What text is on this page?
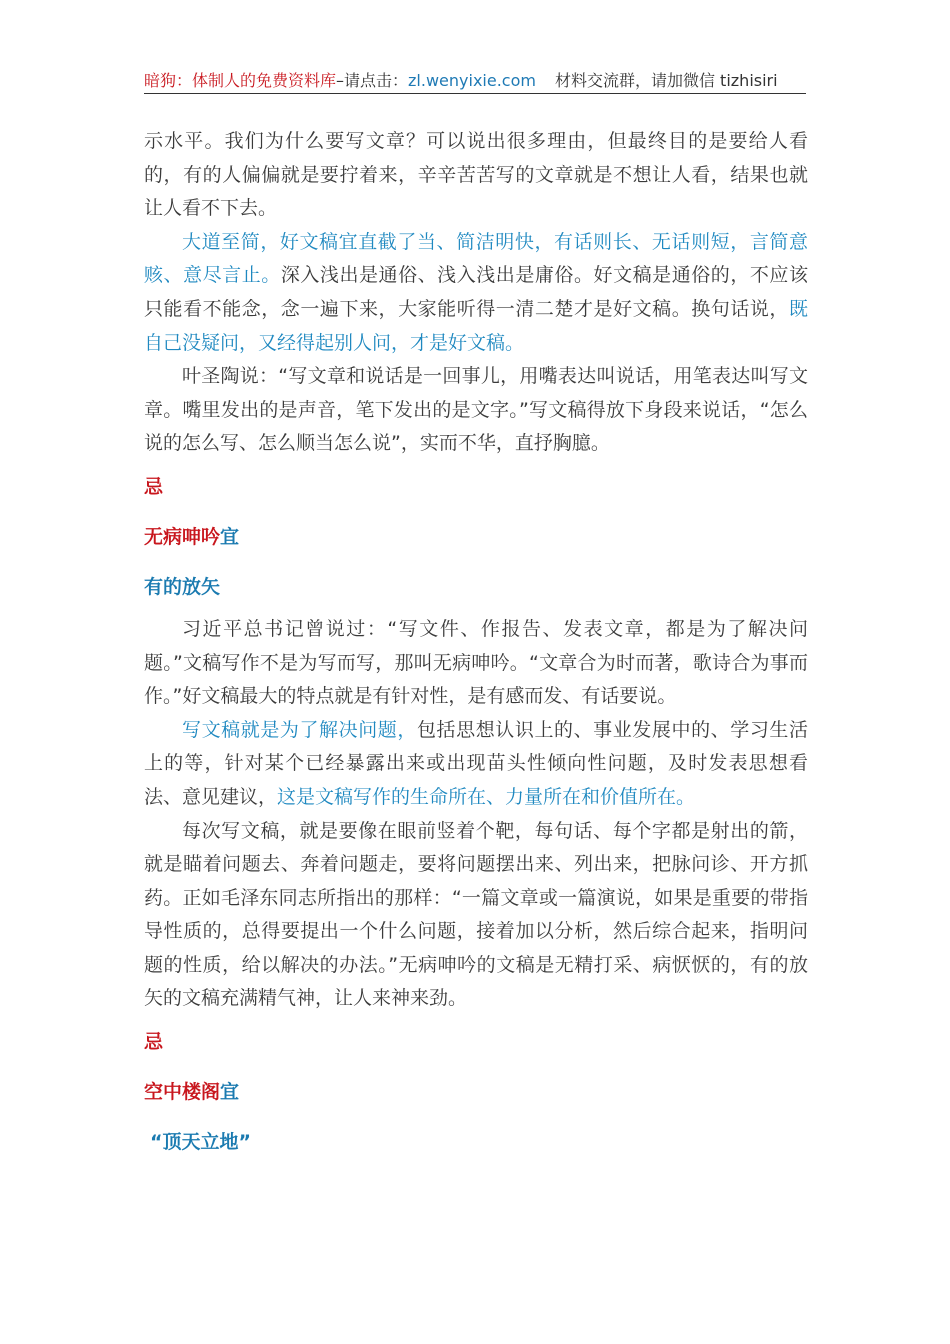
暗狗：体制人的免费资料库–请点击：zl.wenyixie.com 材料交流群，请加微信 tizhisiri

示水平。我们为什么要写文章？可以说出很多理由，但最终目的是要给人看的，有的人偏偏就是要拧着来，辛辛苦苦写的文章就是不想让人看，结果也就让人看不下去。

大道至简，好文稿宜直截了当、简洁明快，有话则长、无话则短，言简意赅、意尽言止。深入浅出是通俗、浅入浅出是庸俗。好文稿是通俗的，不应该只能看不能念，念一遍下来，大家能听得一清二楚才是好文稿。换句话说，既自己没疑问，又经得起别人问，才是好文稿。

叶圣陶说：“写文章和说话是一回事儿，用嘴表达叫说话，用笔表达叫写文章。嘴里发出的是声音，笔下发出的是文字。”写文稿得放下身段来说话，“怎么说的怎么写、怎么顺当怎么说”，实而不华，直抒胸臆。

忌
无病呻吟宜
有的放矢

习近平总书记曾说过：“写文件、作报告、发表文章，都是为了解决问题。”文稿写作不是为写而写，那叫无病呻吟。“文章合为时而著，歌诗合为事而作。”好文稿最大的特点就是有针对性，是有感而发、有话要说。

写文稿就是为了解决问题，包括思想认识上的、事业发展中的、学习生活上的等，针对某个已经暴露出来或出现苗头性倾向性问题，及时发表思想看法、意见建议，这是文稿写作的生命所在、力量所在和价值所在。

每次写文稿，就是要像在眼前竖着个靶，每句话、每个字都是射出的箭，就是瞄着问题去、奔着问题走，要将问题摆出来、列出来，把脉问诊、开方抓药。正如毛泽东同志所指出的那样：“一篇文章或一篇演说，如果是重要的带指导性质的，总得要提出一个什么问题，接着加以分析，然后综合起来，指明问题的性质，给以解决的办法。”无病呻吟的文稿是无精打采、病恹恹的，有的放矢的文稿充满精气神，让人来神来劲。

忌
空中楼阁宜
“顶天立地”
